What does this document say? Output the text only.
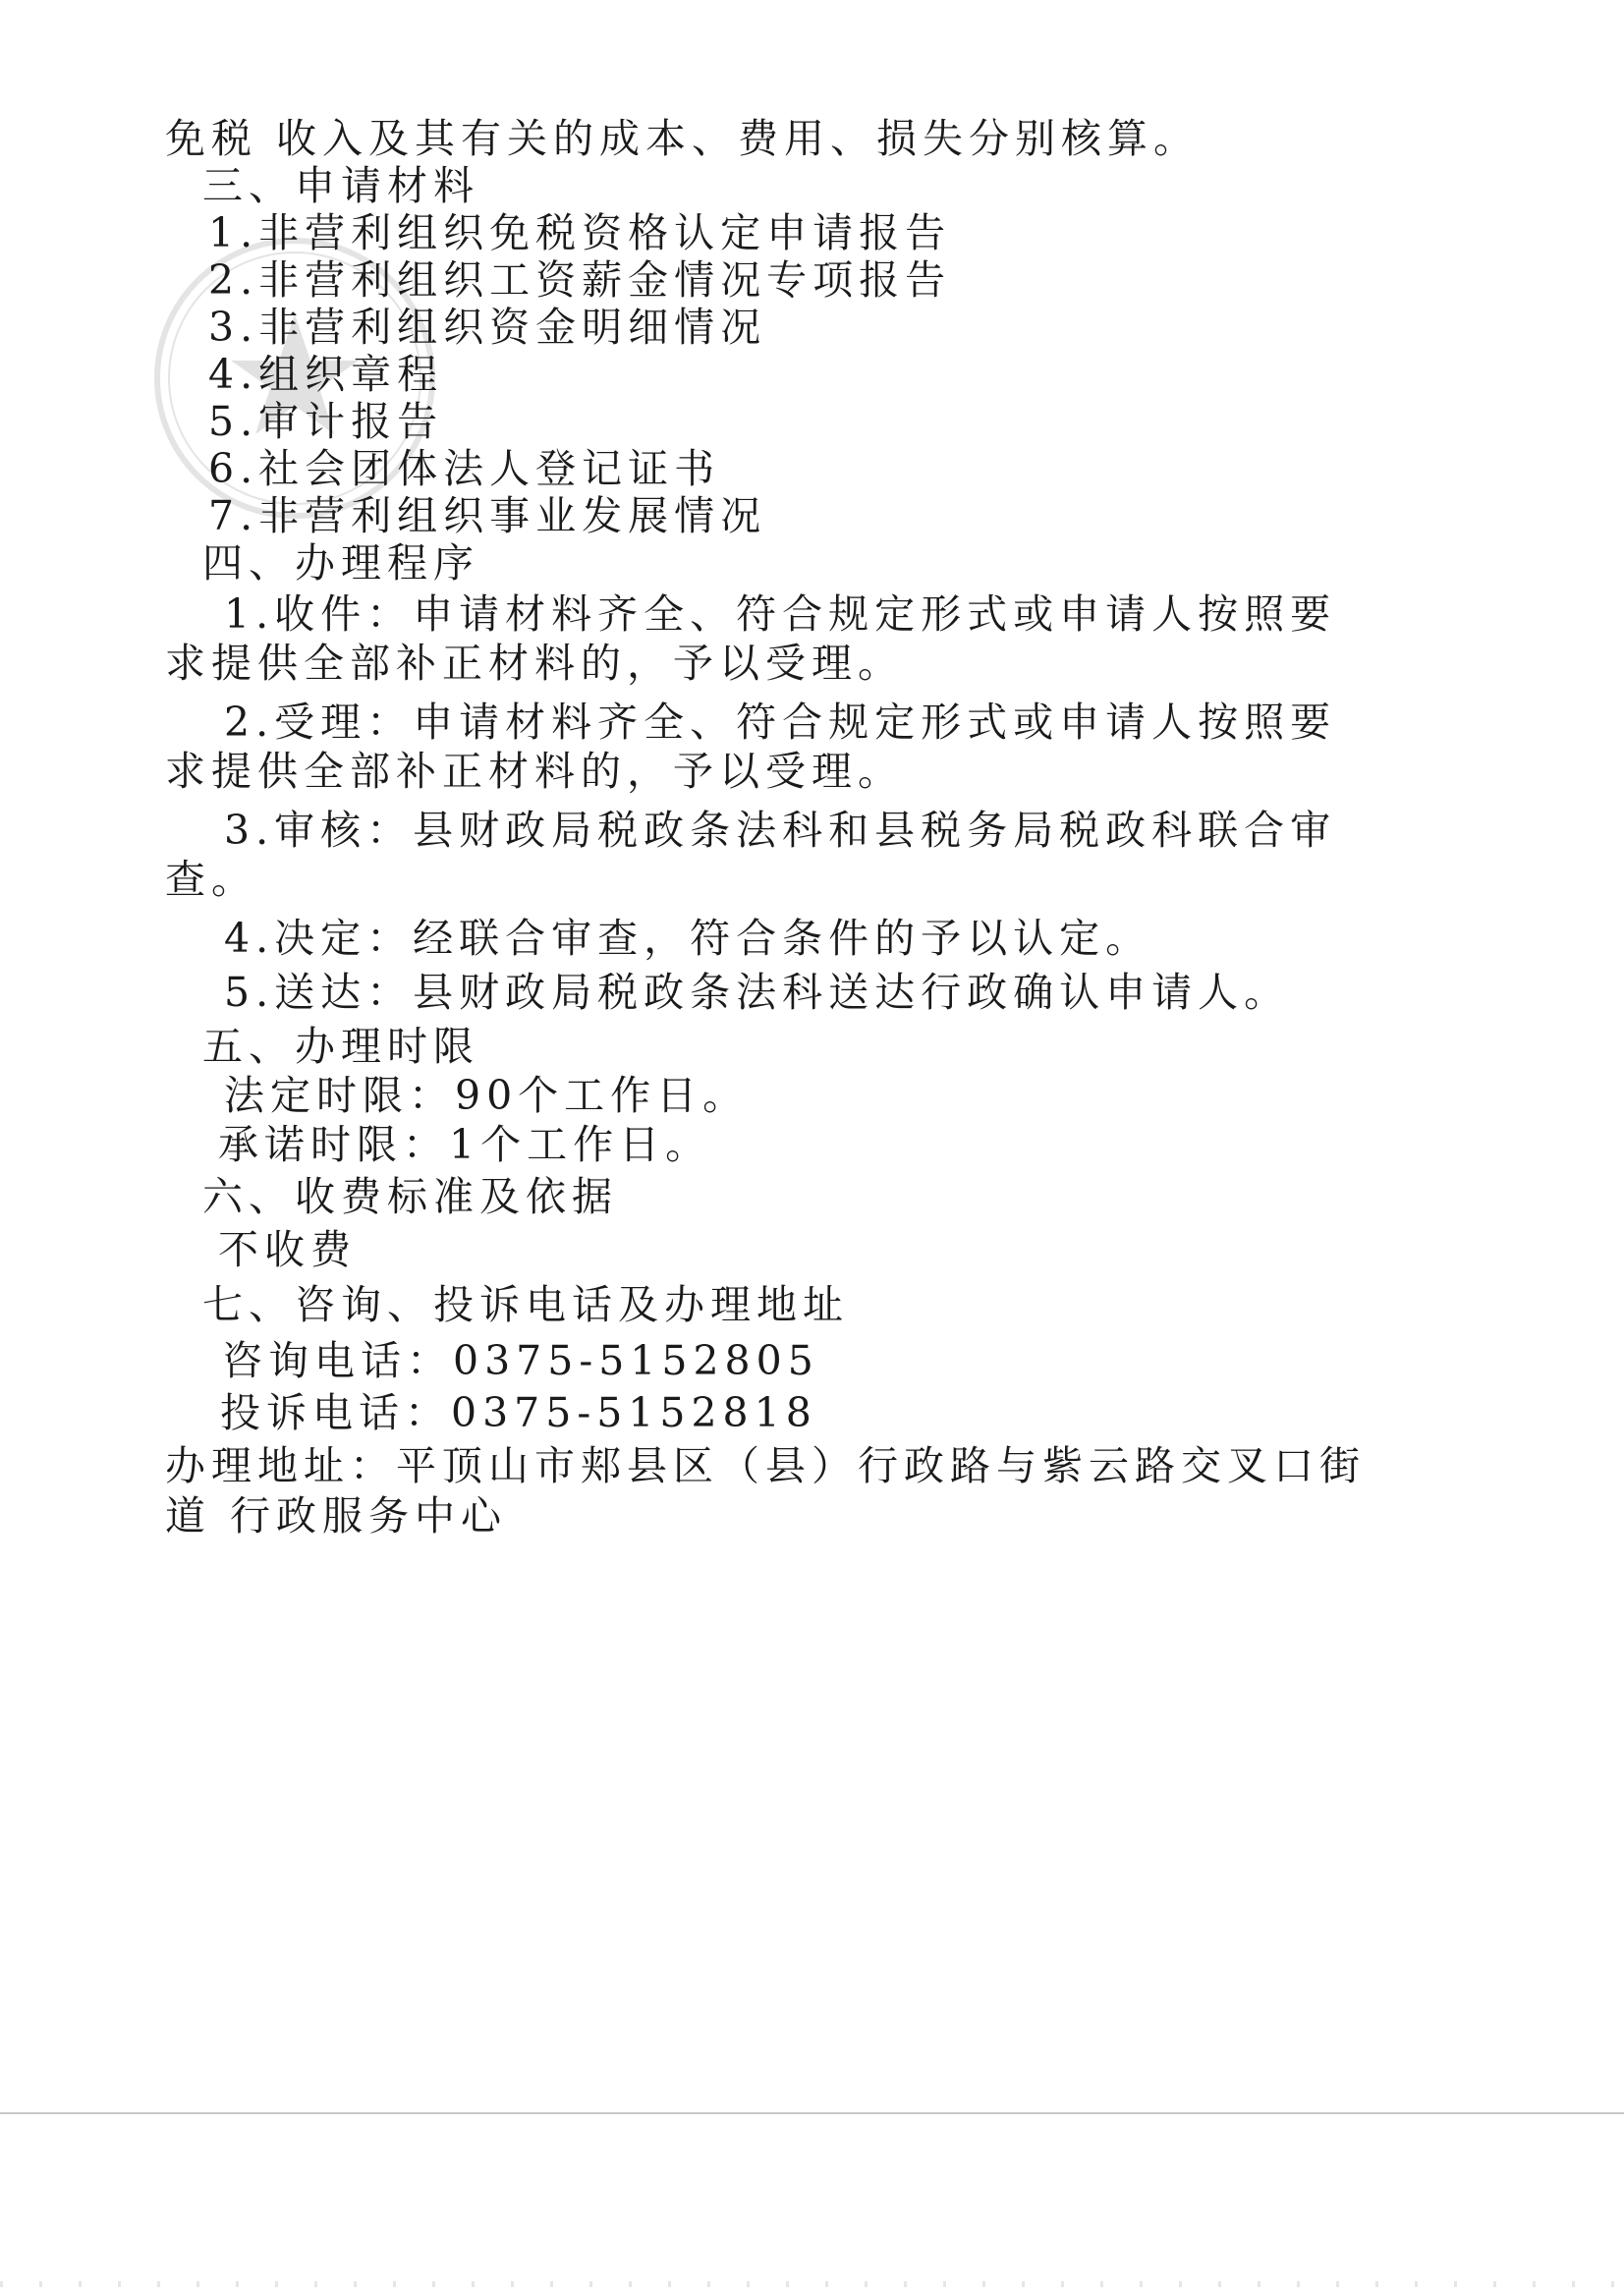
免税 收入及其有关的成本、费用、损失分别核算。
三、申请材料
1.非营利组织免税资格认定申请报告
2.非营利组织工资薪金情况专项报告
3.非营利组织资金明细情况
4.组织章程
5.审计报告
6.社会团体法人登记证书
7.非营利组织事业发展情况
四、办理程序
1.收件：申请材料齐全、符合规定形式或申请人按照要
求提供全部补正材料的，予以受理。
2.受理：申请材料齐全、符合规定形式或申请人按照要
求提供全部补正材料的，予以受理。
3.审核：县财政局税政条法科和县税务局税政科联合审
查。
4.决定：经联合审查，符合条件的予以认定。
5.送达：县财政局税政条法科送达行政确认申请人。
五、办理时限
法定时限：90个工作日。
承诺时限：1个工作日。
六、收费标准及依据
不收费
七、咨询、投诉电话及办理地址
咨询电话：0375-5152805
投诉电话：0375-5152818
办理地址：平顶山市郏县区（县）行政路与紫云路交叉口街
道 行政服务中心
